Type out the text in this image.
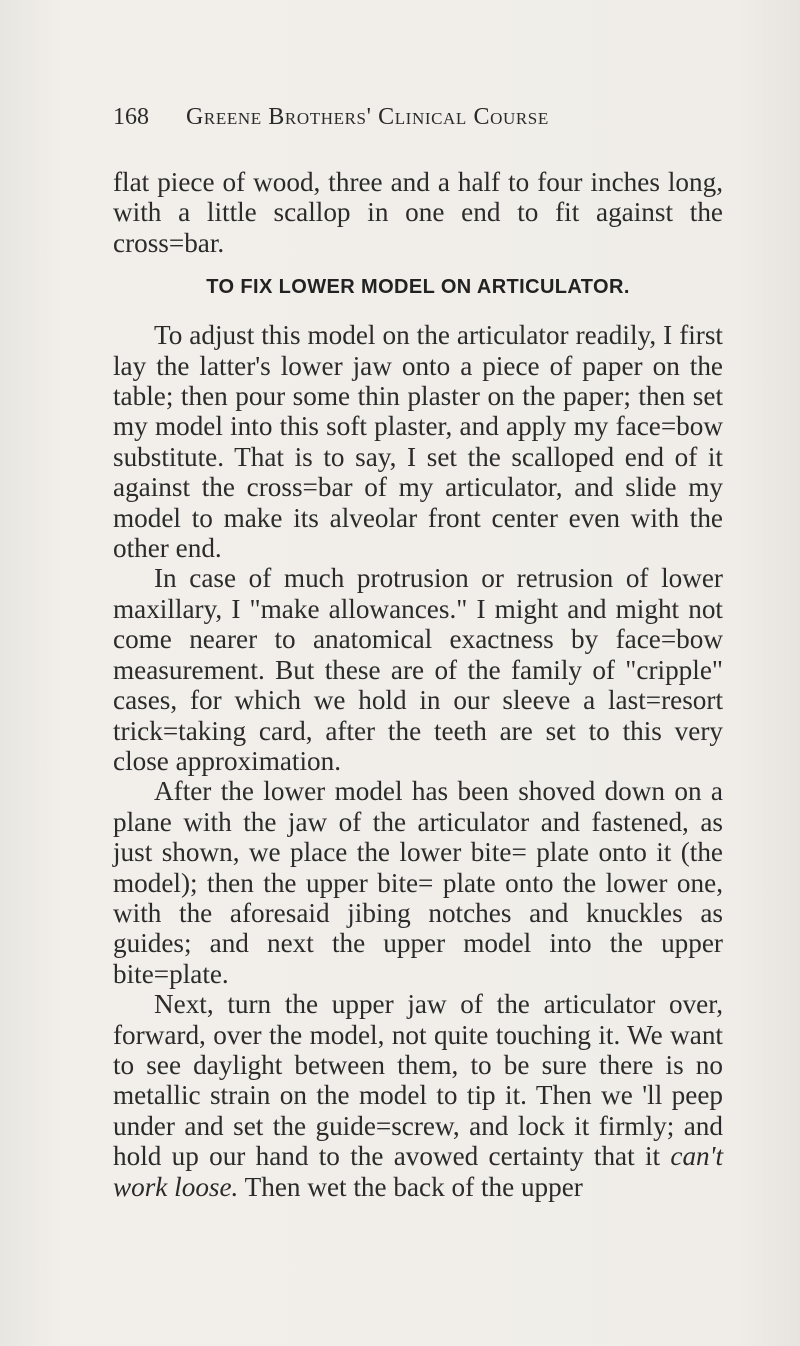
168 Greene Brothers' Clinical Course

flat piece of wood, three and a half to four inches long, with a little scallop in one end to fit against the cross=bar.

TO FIX LOWER MODEL ON ARTICULATOR.

To adjust this model on the articulator readily, I first lay the latter's lower jaw onto a piece of paper on the table; then pour some thin plaster on the paper; then set my model into this soft plaster, and apply my face=bow substitute. That is to say, I set the scalloped end of it against the cross=bar of my articulator, and slide my model to make its alveolar front center even with the other end.

In case of much protrusion or retrusion of lower maxillary, I "make allowances." I might and might not come nearer to anatomical exactness by face=bow measurement. But these are of the family of "cripple" cases, for which we hold in our sleeve a last=resort trick=taking card, after the teeth are set to this very close approximation.

After the lower model has been shoved down on a plane with the jaw of the articulator and fastened, as just shown, we place the lower bite= plate onto it (the model); then the upper bite= plate onto the lower one, with the aforesaid jibing notches and knuckles as guides; and next the upper model into the upper bite=plate.

Next, turn the upper jaw of the articulator over, forward, over the model, not quite touching it. We want to see daylight between them, to be sure there is no metallic strain on the model to tip it. Then we 'll peep under and set the guide=screw, and lock it firmly; and hold up our hand to the avowed certainty that it can't work loose. Then wet the back of the upper
